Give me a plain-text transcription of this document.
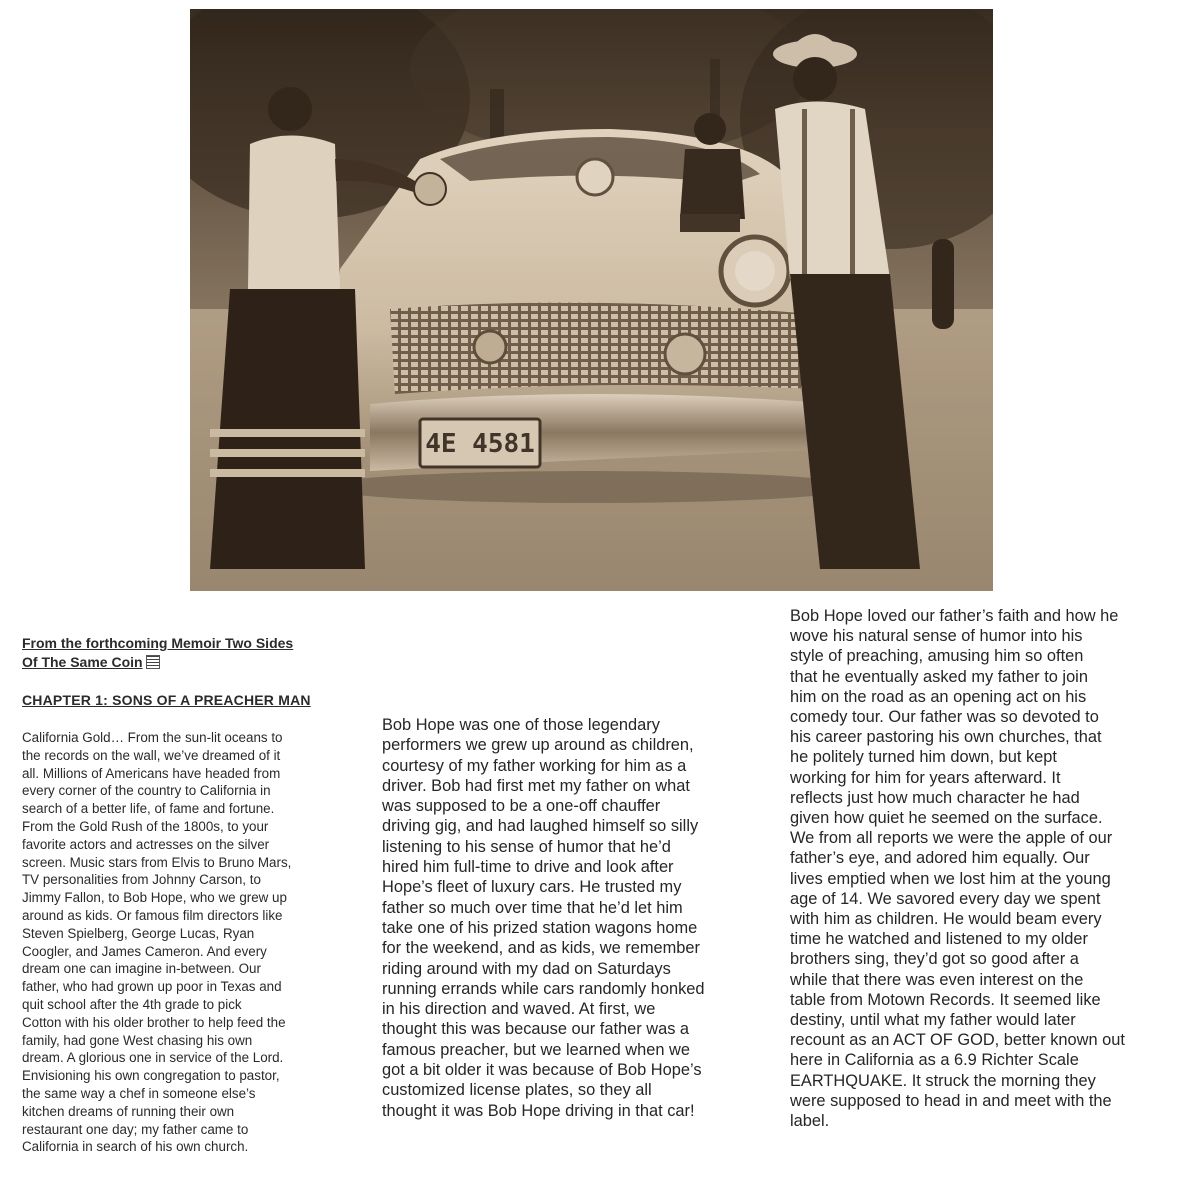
4E 4581
From the forthcoming Memoir Two Sides
Of The Same Coin
CHAPTER 1: SONS OF A PREACHER MAN
California Gold… From the sun-lit oceans to
the records on the wall, we’ve dreamed of it
all. Millions of Americans have headed from
every corner of the country to California in
search of a better life, of fame and fortune.
From the Gold Rush of the 1800s, to your
favorite actors and actresses on the silver
screen. Music stars from Elvis to Bruno Mars,
TV personalities from Johnny Carson, to
Jimmy Fallon, to Bob Hope, who we grew up
around as kids. Or famous film directors like
Steven Spielberg, George Lucas, Ryan
Coogler, and James Cameron. And every
dream one can imagine in-between. Our
father, who had grown up poor in Texas and
quit school after the 4th grade to pick
Cotton with his older brother to help feed the
family, had gone West chasing his own
dream. A glorious one in service of the Lord.
Envisioning his own congregation to pastor,
the same way a chef in someone else’s
kitchen dreams of running their own
restaurant one day; my father came to
California in search of his own church.
Bob Hope was one of those legendary
performers we grew up around as children,
courtesy of my father working for him as a
driver. Bob had first met my father on what
was supposed to be a one-off chauffer
driving gig, and had laughed himself so silly
listening to his sense of humor that he’d
hired him full-time to drive and look after
Hope’s fleet of luxury cars. He trusted my
father so much over time that he’d let him
take one of his prized station wagons home
for the weekend, and as kids, we remember
riding around with my dad on Saturdays
running errands while cars randomly honked
in his direction and waved. At first, we
thought this was because our father was a
famous preacher, but we learned when we
got a bit older it was because of Bob Hope’s
customized license plates, so they all
thought it was Bob Hope driving in that car!
Bob Hope loved our father’s faith and how he
wove his natural sense of humor into his
style of preaching, amusing him so often
that he eventually asked my father to join
him on the road as an opening act on his
comedy tour. Our father was so devoted to
his career pastoring his own churches, that
he politely turned him down, but kept
working for him for years afterward. It
reflects just how much character he had
given how quiet he seemed on the surface.
We from all reports we were the apple of our
father’s eye, and adored him equally. Our
lives emptied when we lost him at the young
age of 14. We savored every day we spent
with him as children. He would beam every
time he watched and listened to my older
brothers sing, they’d got so good after a
while that there was even interest on the
table from Motown Records. It seemed like
destiny, until what my father would later
recount as an ACT OF GOD, better known out
here in California as a 6.9 Richter Scale
EARTHQUAKE. It struck the morning they
were supposed to head in and meet with the
label.
